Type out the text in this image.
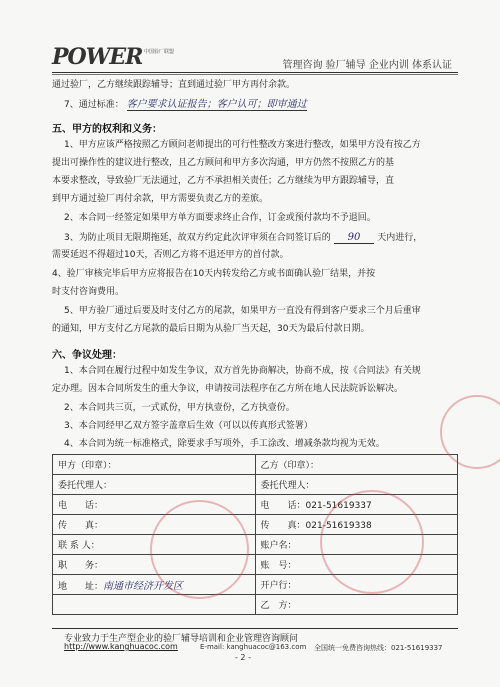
POWER 中国验厂联盟
管理咨询 验厂辅导 企业内训 体系认证
通过验厂，乙方继续跟踪辅导；直到通过验厂甲方再付余款。
7、通过标准： 客户要求认证报告；客户认可；即审通过
五、甲方的权利和义务：
1、甲方应该严格按照乙方顾问老师提出的可行性整改方案进行整改，如果甲方没有按乙方
提出可操作性的建议进行整改，且乙方顾问和甲方多次沟通，甲方仍然不按照乙方的基
本要求整改，导致验厂无法通过，乙方不承担相关责任；乙方继续为甲方跟踪辅导，直
到甲方通过验厂再付余款，甲方需要负责乙方的差旅。
2、本合同一经签定如果甲方单方面要求终止合作，订金或预付款均不予退回。
3、为防止项目无限期拖延，故双方约定此次评审须在合同签订后的 90 天内进行，
需要延迟不得超过10天，否则乙方将不退还甲方的首付款。
4、验厂审核完毕后甲方应将报告在10天内转发给乙方或书面确认验厂结果，并按
时支付咨询费用。
5、甲方验厂通过后要及时支付乙方的尾款，如果甲方一直没有得到客户要求三个月后重审
的通知，甲方支付乙方尾款的最后日期为从验厂当天起，30天为最后付款日期。
六、争议处理：
1、本合同在履行过程中如发生争议，双方首先协商解决，协商不成，按《合同法》有关规
定办理。因本合同所发生的重大争议，申请按司法程序在乙方所在地人民法院诉讼解决。
2、本合同共三页，一式贰份，甲方执壹份，乙方执壹份。
3、本合同经甲乙双方签字盖章后生效（可以以传真形式签署）
4、本合同为统一标准格式，除要求手写项外，手工涂改、增减条款均视为无效。
甲方（印章）：	乙方（印章）：
委托代理人：	委托代理人：
电　　话：	电　　话：021-51619337
传　　真：	传　　真：021-51619338
联 系 人：	账户名：
职　　务：	账　号：
地　　址：南通市经济开发区	开户行：
	乙　方：
专业致力于生产型企业的验厂辅导培训和企业管理咨询顾问
http://www.kanghuacoc.com	E-mail: kanghuacoc@163.com 全国统一免费咨询热线：021-51619337
- 2 -
